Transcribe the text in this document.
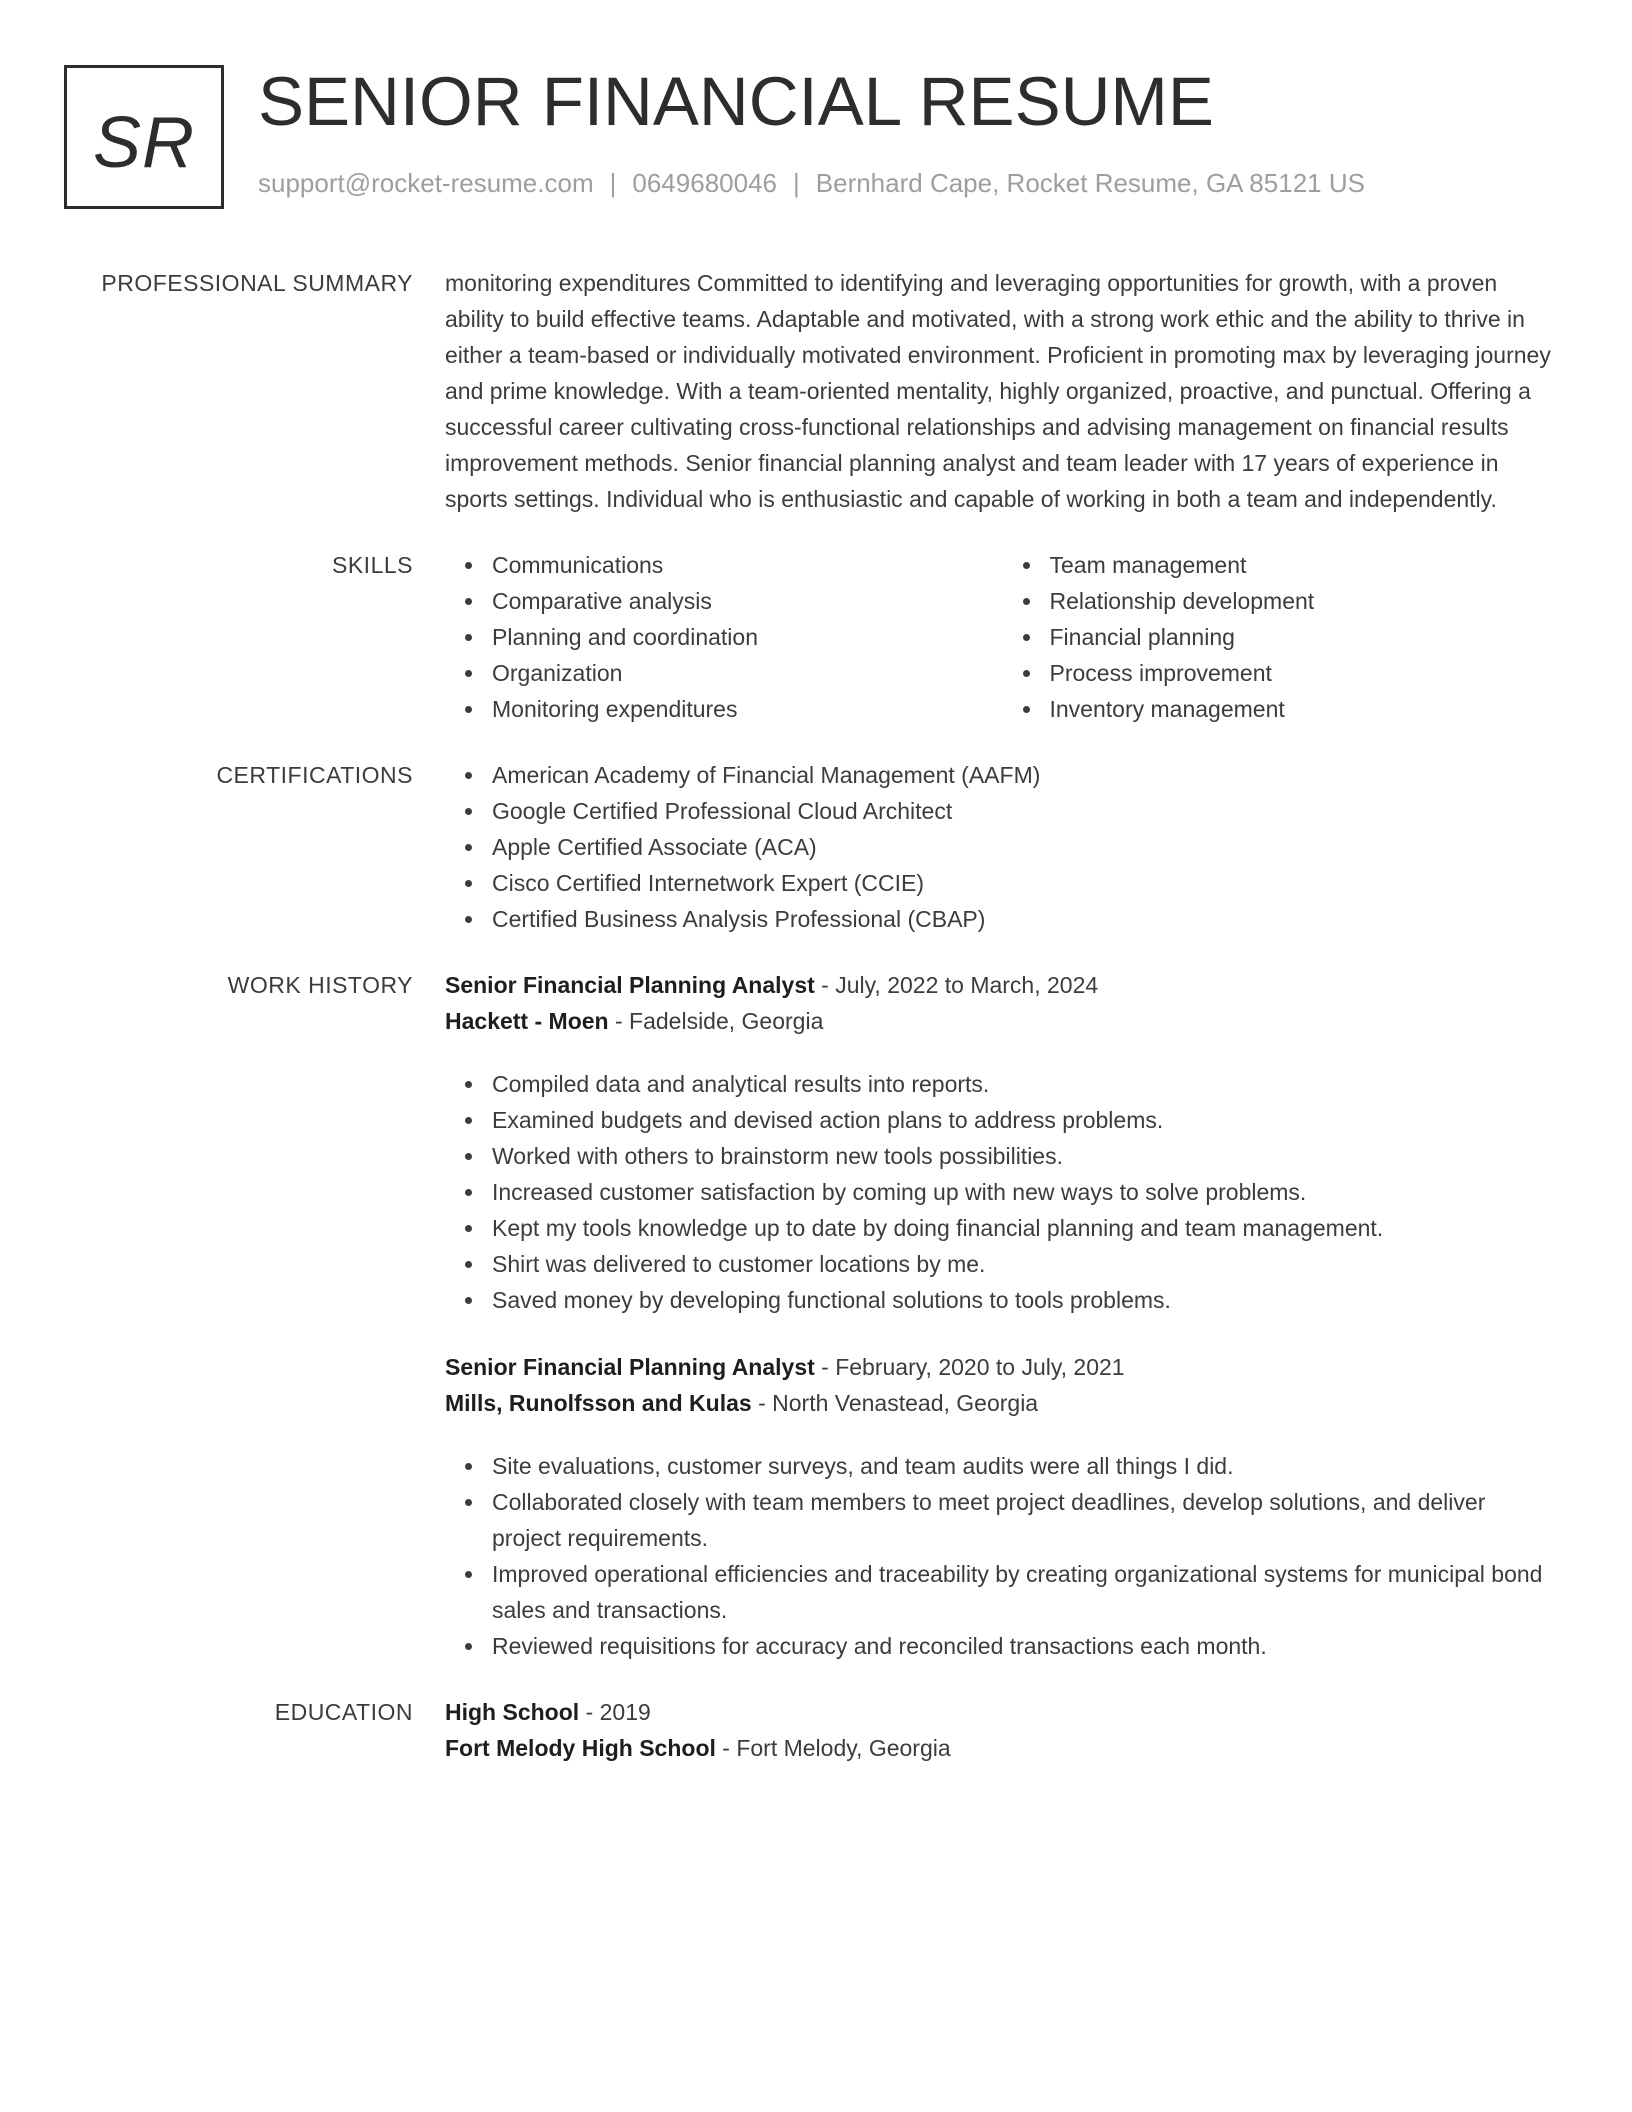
SR
SENIOR FINANCIAL RESUME
support@rocket-resume.com | 0649680046 | Bernhard Cape, Rocket Resume, GA 85121 US
PROFESSIONAL SUMMARY monitoring expenditures Committed to identifying and leveraging opportunities for growth, with a proven ability to build effective teams. Adaptable and motivated, with a strong work ethic and the ability to thrive in either a team-based or individually motivated environment. Proficient in promoting max by leveraging journey and prime knowledge. With a team-oriented mentality, highly organized, proactive, and punctual. Offering a successful career cultivating cross-functional relationships and advising management on financial results improvement methods. Senior financial planning analyst and team leader with 17 years of experience in sports settings. Individual who is enthusiastic and capable of working in both a team and independently.
SKILLS	Communications
Comparative analysis
Planning and coordination
Organization
Monitoring expenditures
Team management
Relationship development
Financial planning
Process improvement
Inventory management
CERTIFICATIONS	American Academy of Financial Management (AAFM)
Google Certified Professional Cloud Architect
Apple Certified Associate (ACA)
Cisco Certified Internetwork Expert (CCIE)
Certified Business Analysis Professional (CBAP)
WORK HISTORY Senior Financial Planning Analyst - July, 2022 to March, 2024
Hackett - Moen - Fadelside, Georgia
Compiled data and analytical results into reports.
Examined budgets and devised action plans to address problems.
Worked with others to brainstorm new tools possibilities.
Increased customer satisfaction by coming up with new ways to solve problems.
Kept my tools knowledge up to date by doing financial planning and team management.
Shirt was delivered to customer locations by me.
Saved money by developing functional solutions to tools problems.
Senior Financial Planning Analyst - February, 2020 to July, 2021
Mills, Runolfsson and Kulas - North Venastead, Georgia
Site evaluations, customer surveys, and team audits were all things I did.
Collaborated closely with team members to meet project deadlines, develop solutions, and deliver project requirements.
Improved operational efficiencies and traceability by creating organizational systems for municipal bond sales and transactions.
Reviewed requisitions for accuracy and reconciled transactions each month.
EDUCATION High School - 2019
Fort Melody High School - Fort Melody, Georgia
